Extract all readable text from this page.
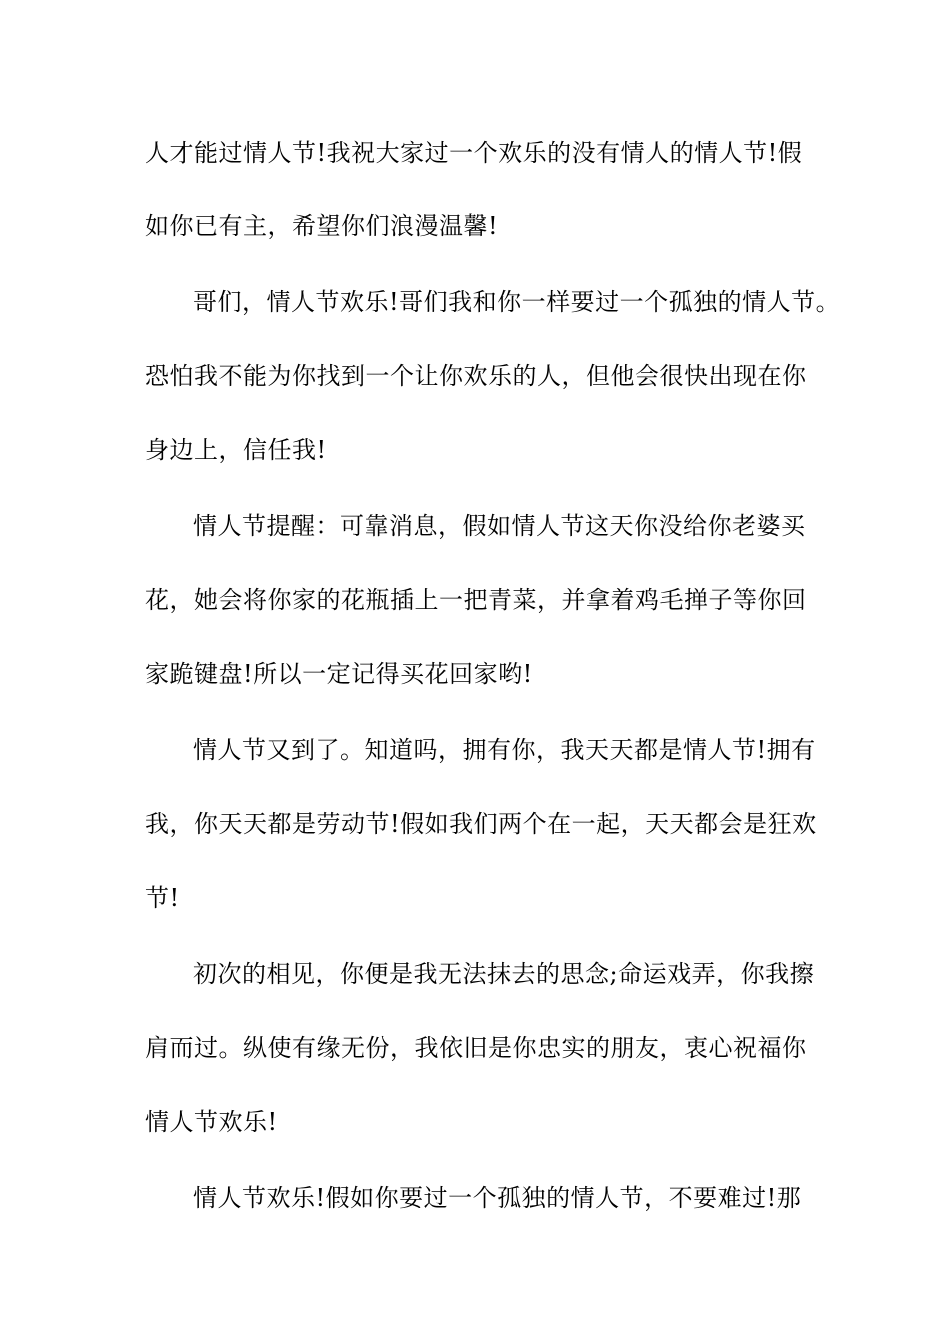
人才能过情人节!我祝大家过一个欢乐的没有情人的情人节!假
如你已有主，希望你们浪漫温馨!
哥们，情人节欢乐!哥们我和你一样要过一个孤独的情人节。
恐怕我不能为你找到一个让你欢乐的人，但他会很快出现在你
身边上，信任我!
情人节提醒：可靠消息，假如情人节这天你没给你老婆买
花，她会将你家的花瓶插上一把青菜，并拿着鸡毛掸子等你回
家跪键盘!所以一定记得买花回家哟!
情人节又到了。知道吗，拥有你，我天天都是情人节!拥有
我，你天天都是劳动节!假如我们两个在一起，天天都会是狂欢
节!
初次的相见，你便是我无法抹去的思念;命运戏弄，你我擦
肩而过。纵使有缘无份，我依旧是你忠实的朋友，衷心祝福你
情人节欢乐!
情人节欢乐!假如你要过一个孤独的情人节，不要难过!那
